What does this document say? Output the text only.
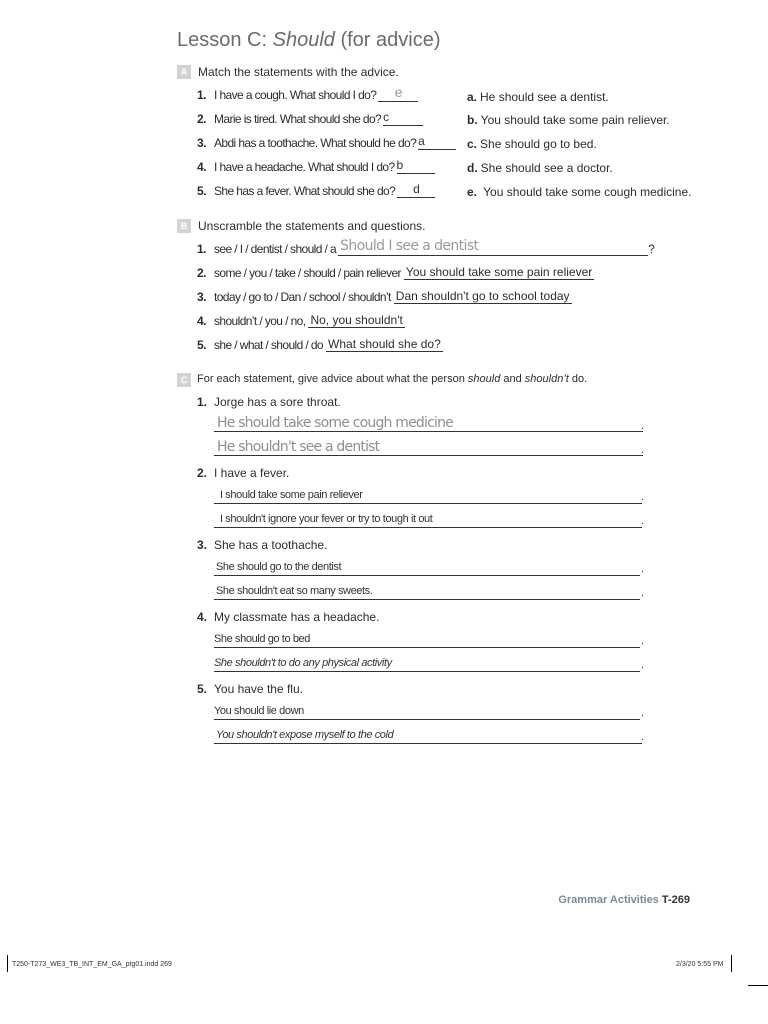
Lesson C: Should (for advice)
A Match the statements with the advice.
1. I have a cough. What should I do?	e
2. Marie is tired. What should she do? c
3. Abdi has a toothache. What should he do? a
4. I have a headache. What should I do? b
5. She has a fever. What should she do?	d
a. He should see a dentist.
b. You should take some pain reliever.
c. She should go to bed.
d. She should see a doctor.
e. You should take some cough medicine.
B Unscramble the statements and questions.
1. see / I / dentist / should / a Should I see a dentist	?
2. some / you / take / should / pain reliever You should take some pain reliever
3. today / go to / Dan / school / shouldn’t Dan shouldn't go to school today
4. shouldn’t / you / no, No, you shouldn't
5. she / what / should / do What should she do?
C For each statement, give advice about what the person should and shouldn’t do.
1. Jorge has a sore throat.
He should take some cough medicine	.
He shouldn't see a dentist	.
2. I have a fever.
I should take some pain reliever	.
I shouldn't ignore your fever or try to tough it out	.
3. She has a toothache.
She should go to the dentist	.
She shouldn't eat so many sweets.	.
4. My classmate has a headache.
She should go to bed	.
She shouldn't to do any physical activity	.
5. You have the flu.
You should lie down	.
You shouldn't expose myself to the cold	.
Grammar Activities T-269
T250-T273_WE3_TB_INT_EM_GA_ptg01.indd 269	2/3/20 5:55 PM
